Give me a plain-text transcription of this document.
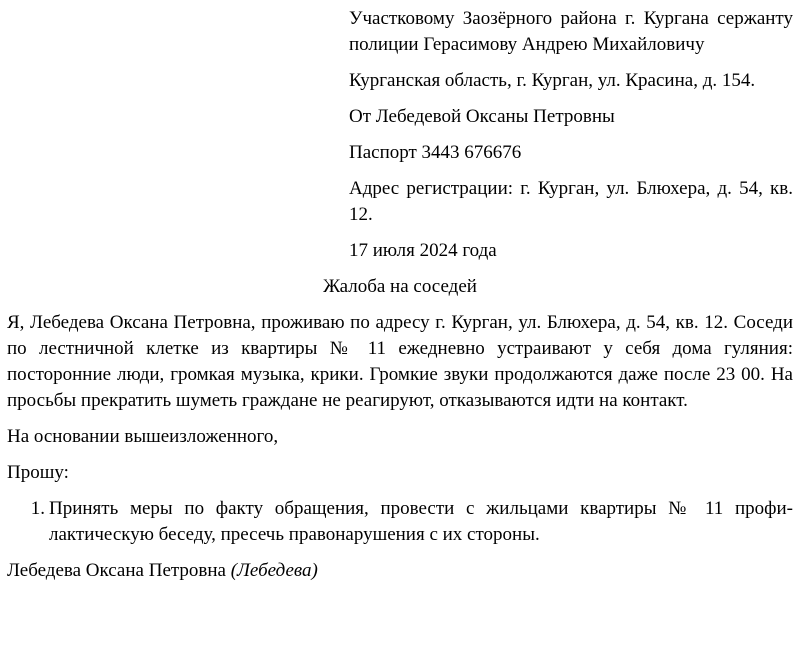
Участковому Заозёрного района г. Кургана сержанту полиции Герасимову Андрею Михайловичу

Курганская область, г. Курган, ул. Красина, д. 154.

От Лебедевой Оксаны Петровны

Паспорт 3443 676676

Адрес регистрации: г. Курган, ул. Блюхера, д. 54, кв. 12.

17 июля 2024 года

Жалоба на соседей

Я, Лебедева Оксана Петровна, проживаю по адресу г. Курган, ул. Блюхера, д. 54, кв. 12. Соседи по лестничной клетке из квартиры № 11 ежедневно устраивают у себя дома гуляния: посторонние люди, громкая музыка, крики. Громкие звуки продолжаются даже после 23 00. На просьбы прекратить шуметь граждане не реагируют, отказываются идти на контакт.

На основании вышеизложенного,

Прошу:

1. Принять меры по факту обращения, провести с жильцами квартиры № 11 профилактическую беседу, пресечь правонарушения с их стороны.

Лебедева Оксана Петровна (Лебедева)
